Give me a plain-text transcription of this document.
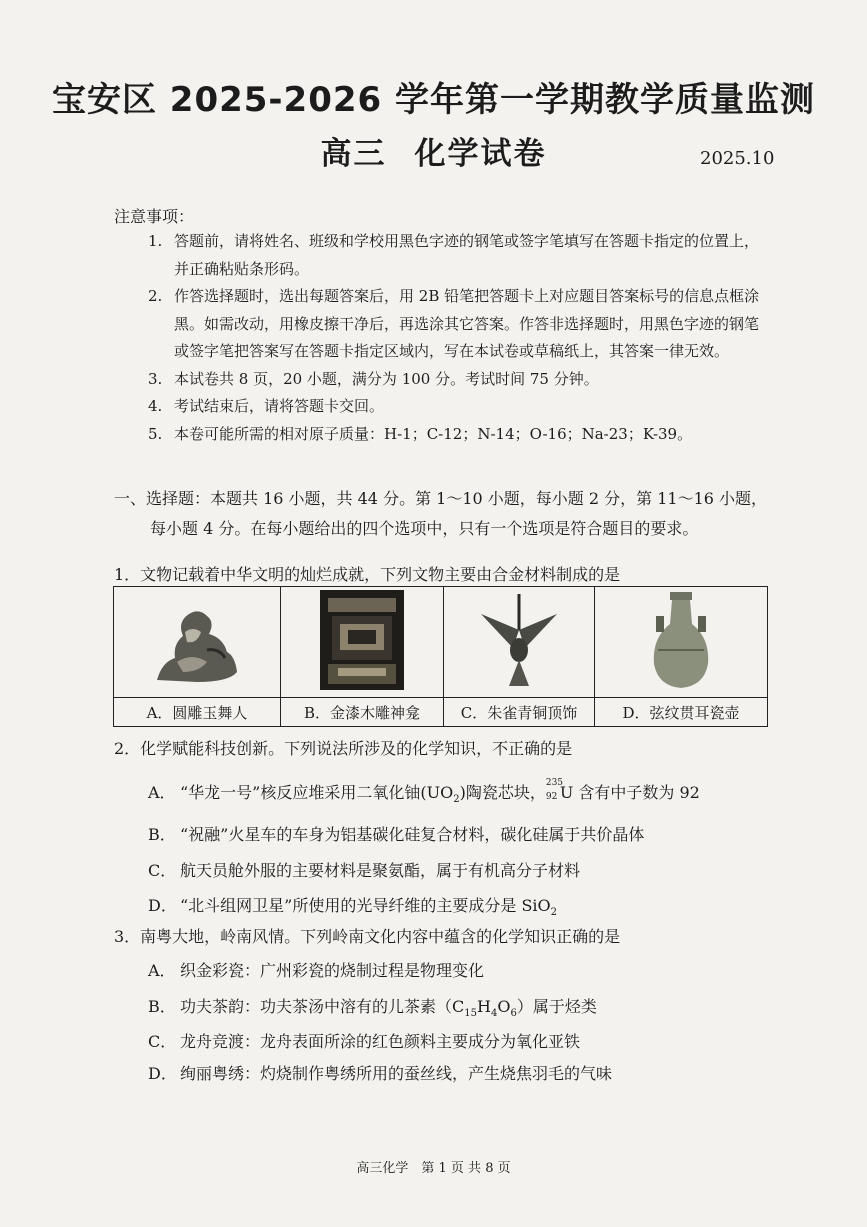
宝安区 2025-2026 学年第一学期教学质量监测
高三 化学试卷	2025.10
注意事项：
1. 答题前，请将姓名、班级和学校用黑色字迹的钢笔或签字笔填写在答题卡指定的位置上，并正确粘贴条形码。
2. 作答选择题时，选出每题答案后，用 2B 铅笔把答题卡上对应题目答案标号的信息点框涂黑。如需改动，用橡皮擦干净后，再选涂其它答案。作答非选择题时，用黑色字迹的钢笔或签字笔把答案写在答题卡指定区域内，写在本试卷或草稿纸上，其答案一律无效。
3. 本试卷共 8 页，20 小题，满分为 100 分。考试时间 75 分钟。
4. 考试结束后，请将答题卡交回。
5. 本卷可能所需的相对原子质量：H-1；C-12；N-14；O-16；Na-23；K-39。
一、选择题：本题共 16 小题，共 44 分。第 1～10 小题，每小题 2 分，第 11～16 小题，
每小题 4 分。在每小题给出的四个选项中，只有一个选项是符合题目的要求。
1．文物记载着中华文明的灿烂成就，下列文物主要由合金材料制成的是

A．圆雕玉舞人	B．金漆木雕神龛	C．朱雀青铜顶饰	D．弦纹贯耳瓷壶
2．化学赋能科技创新。下列说法所涉及的化学知识，不正确的是
A． “华龙一号”核反应堆采用二氧化铀$(UO_2)$陶瓷芯块， 235
92 U 含有中子数为 92
B． “祝融”火星车的车身为铝基碳化硅复合材料，碳化硅属于共价晶体
C． 航天员舱外服的主要材料是聚氨酯，属于有机高分子材料
D． “北斗组网卫星”所使用的光导纤维的主要成分是 SiO$_2$
3．南粤大地，岭南风情。下列岭南文化内容中蕴含的化学知识正确的是
A． 织金彩瓷：广州彩瓷的烧制过程是物理变化
B． 功夫茶韵：功夫茶汤中溶有的儿茶素$(C_{15}H_4O_6)$属于烃类
C． 龙舟竞渡：龙舟表面所涂的红色颜料主要成分为氧化亚铁
D． 绚丽粤绣：灼烧制作粤绣所用的蚕丝线，产生烧焦羽毛的气味
高三化学　第 1 页 共 8 页
